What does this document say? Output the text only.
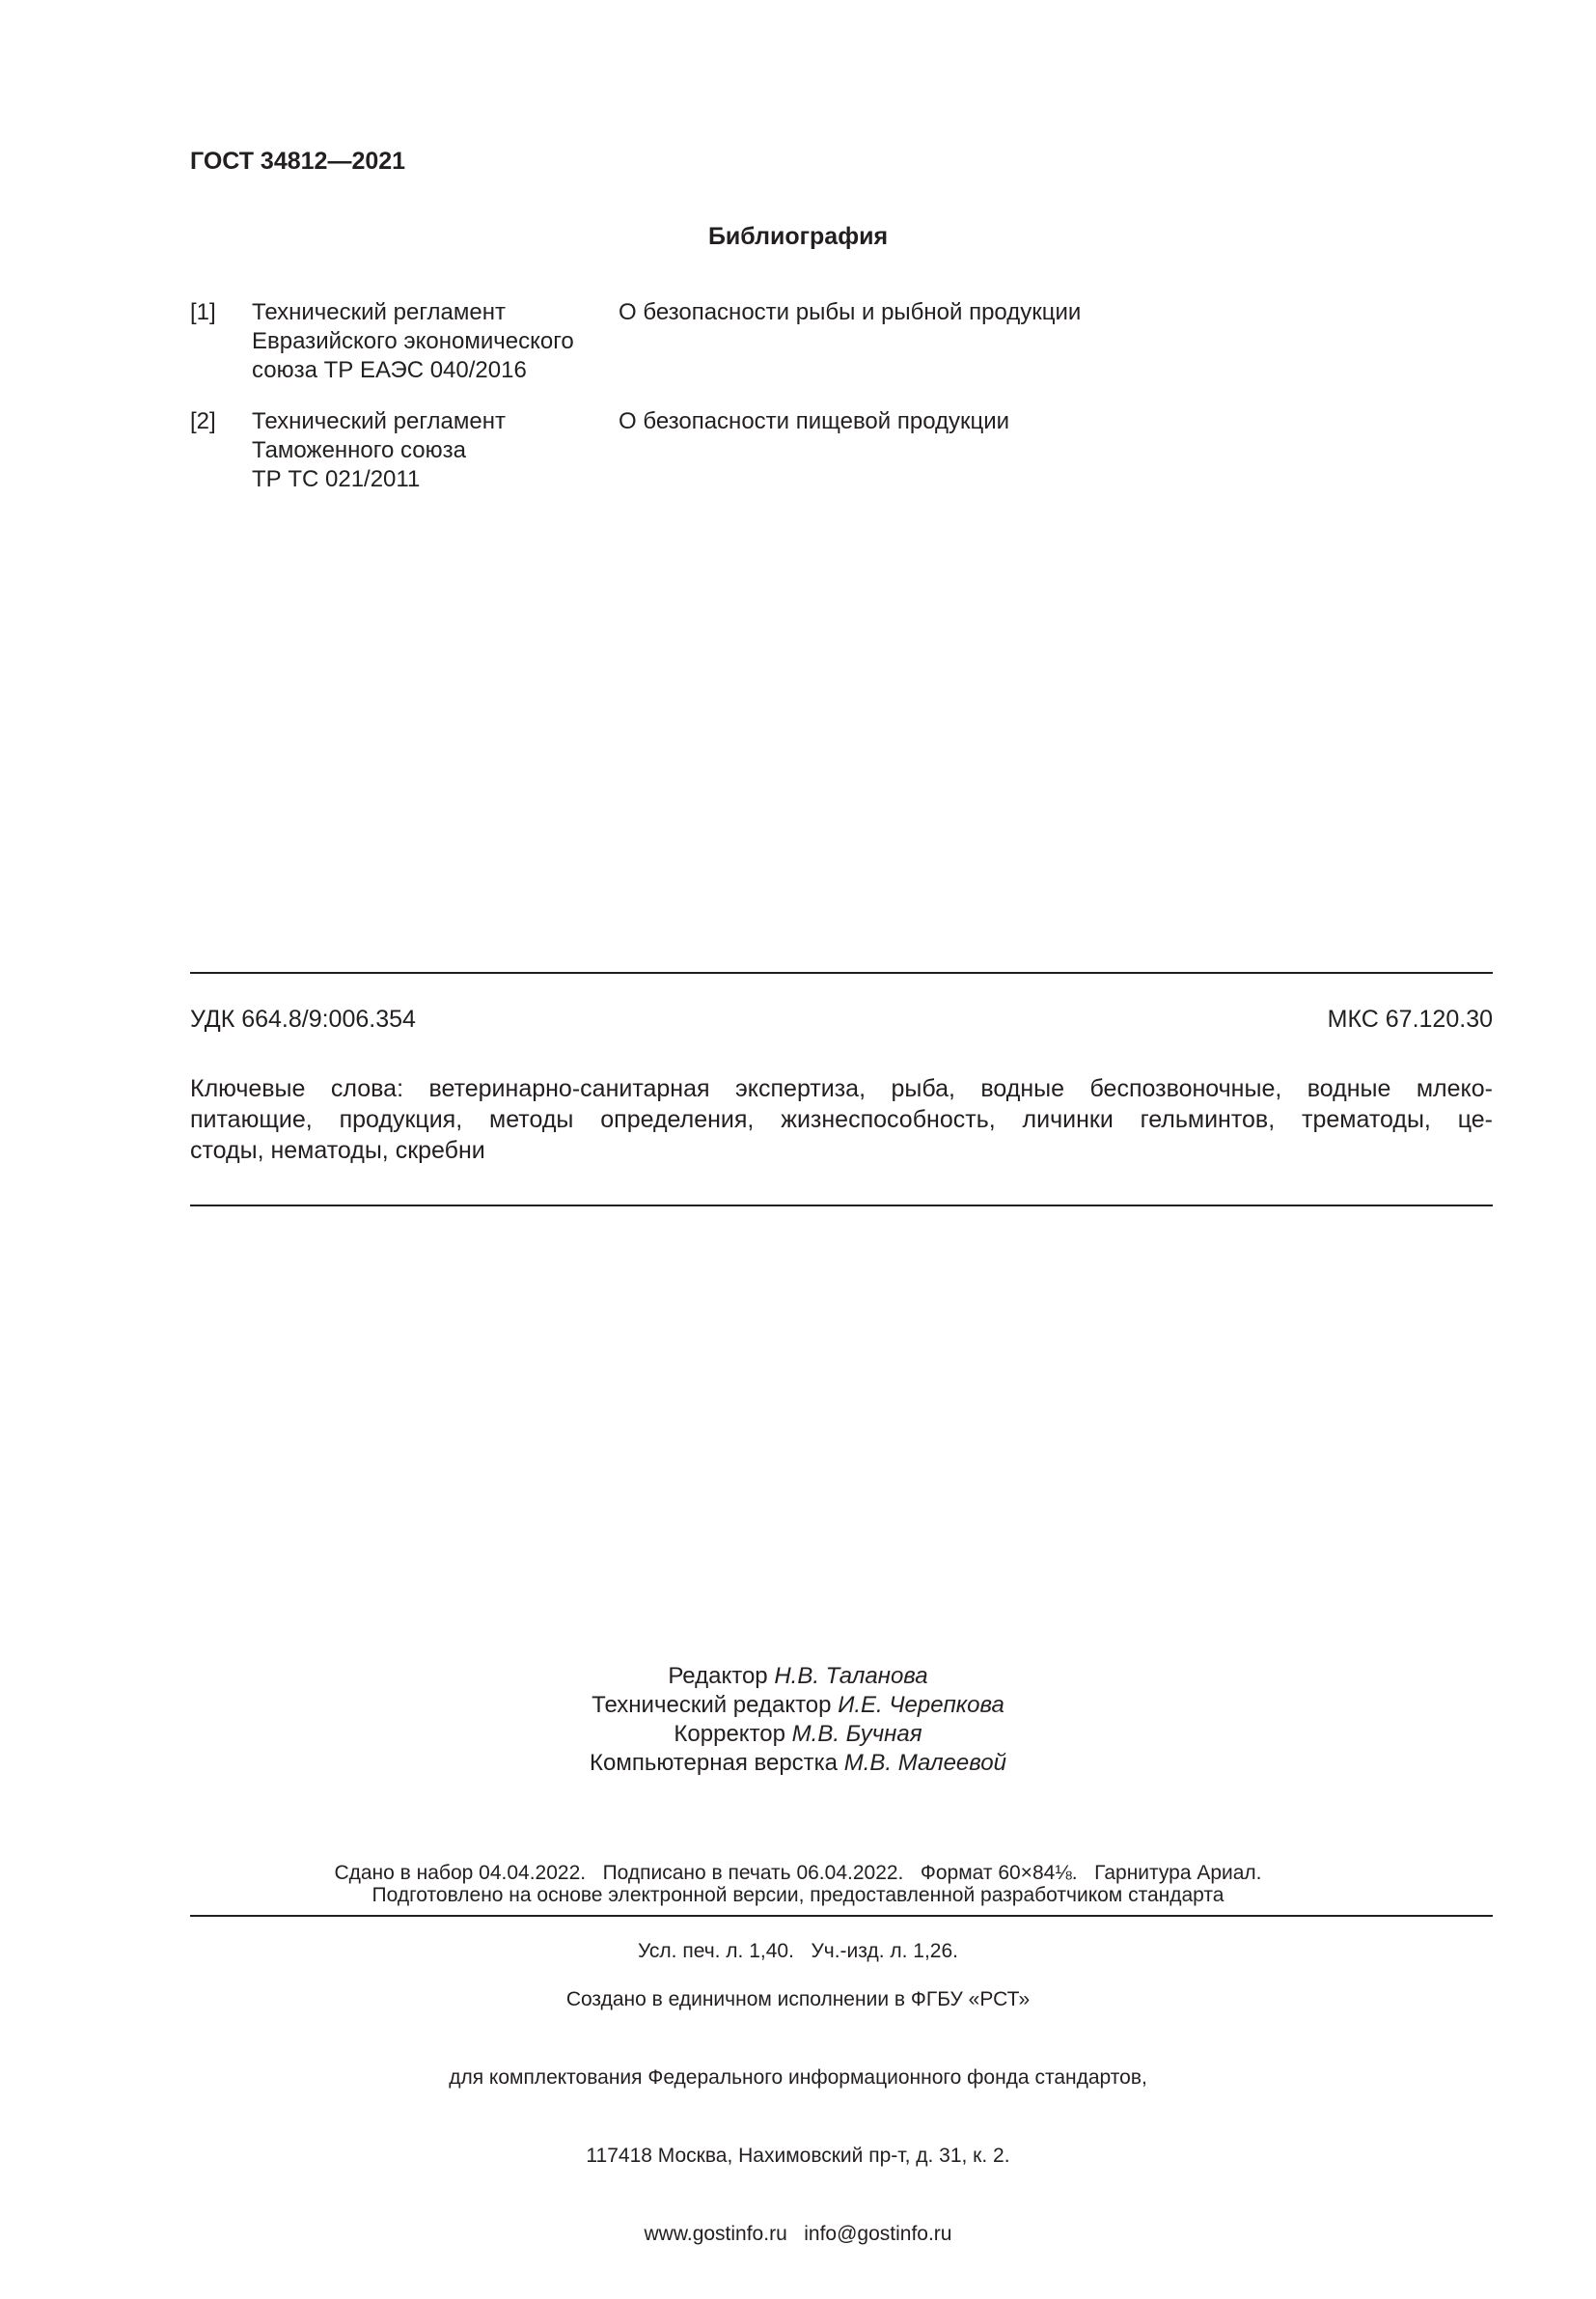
ГОСТ 34812—2021
Библиография
[1] Технический регламент
Евразийского экономического
союза ТР ЕАЭС 040/2016
О безопасности рыбы и рыбной продукции
[2] Технический регламент
Таможенного союза
ТР ТС 021/2011
О безопасности пищевой продукции
УДК 664.8/9:006.354	МКС 67.120.30
Ключевые слова: ветеринарно-санитарная экспертиза, рыба, водные беспозвоночные, водные млеко-
питающие, продукция, методы определения, жизнеспособность, личинки гельминтов, трематоды, це-
стоды, нематоды, скребни
Редактор Н.В. Таланова
Технический редактор И.Е. Черепкова
Корректор М.В. Бучная
Компьютерная верстка М.В. Малеевой

Сдано в набор 04.04.2022.   Подписано в печать 06.04.2022.   Формат 60×84⅛.   Гарнитура Ариал.

Усл. печ. л. 1,40.   Уч.-изд. л. 1,26.

Подготовлено на основе электронной версии, предоставленной разработчиком стандарта

Создано в единичном исполнении в ФГБУ «РСТ»

для комплектования Федерального информационного фонда стандартов,

117418 Москва, Нахимовский пр-т, д. 31, к. 2.

www.gostinfo.ru   info@gostinfo.ru
